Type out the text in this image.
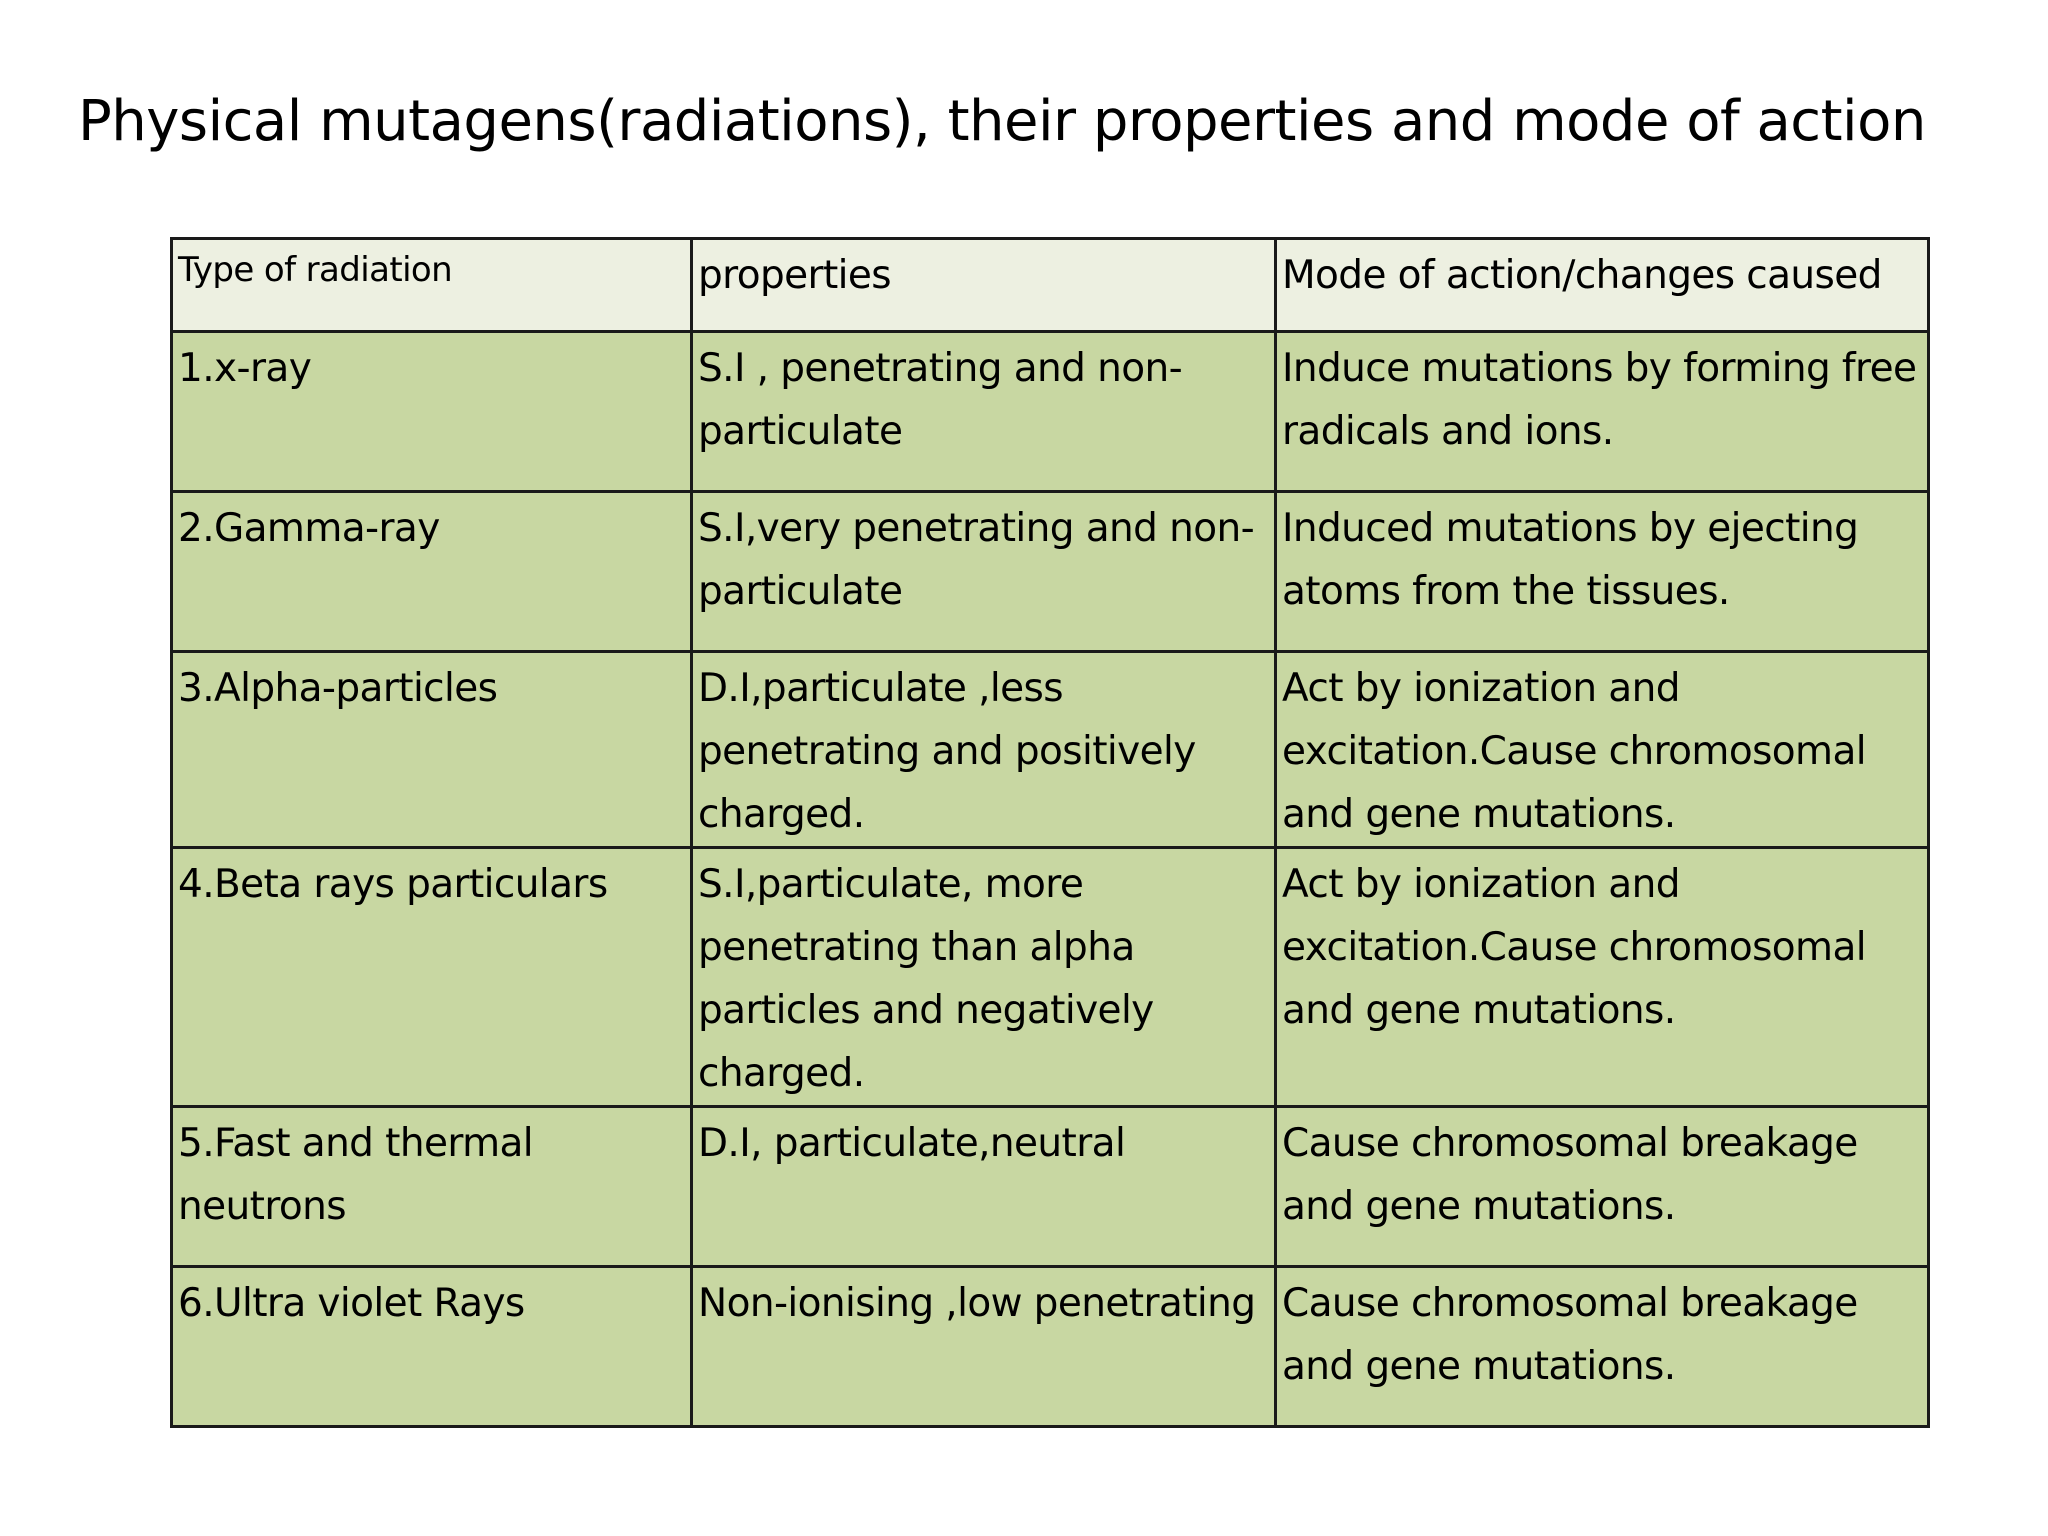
Physical mutagens(radiations), their properties and mode of action
Type of radiation	properties	Mode of action/changes caused
1.x-ray	S.I , penetrating and non-particulate	Induce mutations by forming free radicals and ions.
2.Gamma-ray	S.I,very penetrating and non-particulate	Induced mutations by ejecting atoms from the tissues.
3.Alpha-particles	D.I,particulate ,less penetrating and positively charged.	Act by ionization and excitation.Cause chromosomal and gene mutations.
4.Beta rays particulars	S.I,particulate, more penetrating than alpha particles and negatively charged.	Act by ionization and excitation.Cause chromosomal and gene mutations.
5.Fast and thermal neutrons	D.I, particulate,neutral	Cause chromosomal breakage and gene mutations.
6.Ultra violet Rays	Non-ionising ,low penetrating	Cause chromosomal breakage and gene mutations.
